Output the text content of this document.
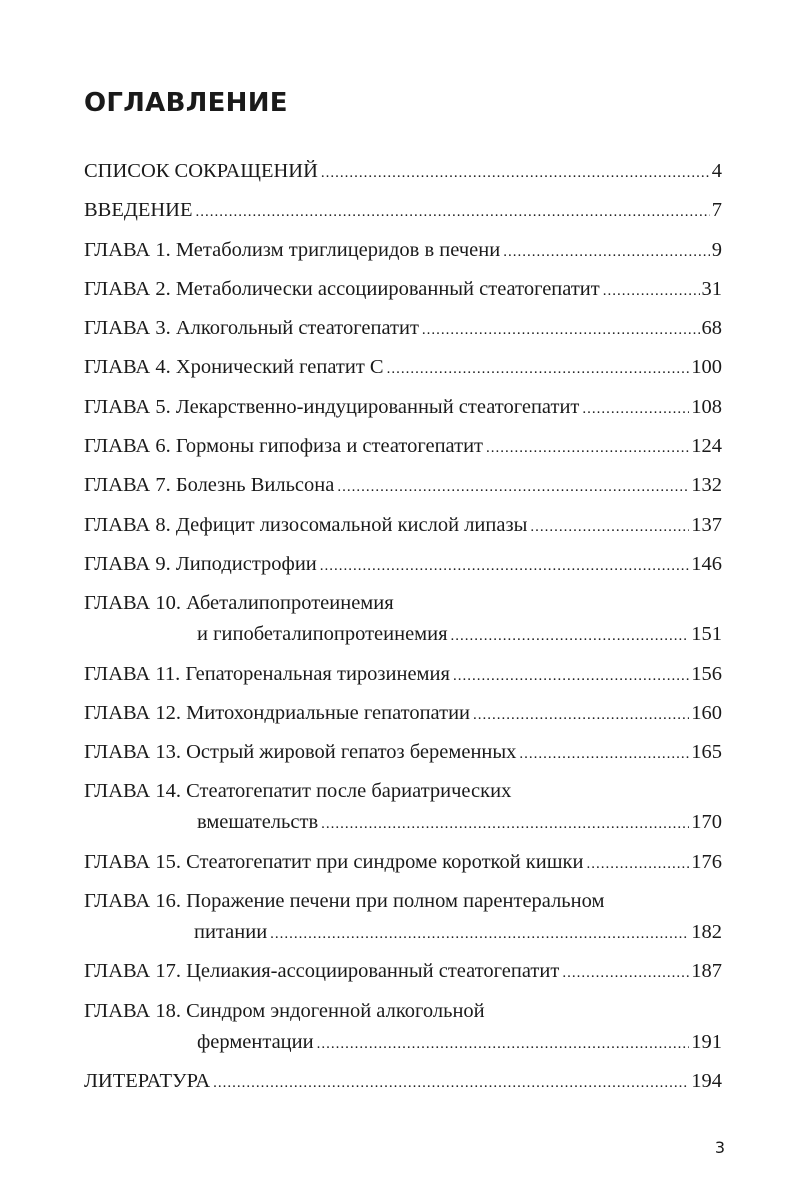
ОГЛАВЛЕНИЕ
СПИСОК СОКРАЩЕНИЙ .....	4
ВВЕДЕНИЕ .....	7
ГЛАВА 1. Метаболизм триглицеридов в печени .....	9
ГЛАВА 2. Метаболически ассоциированный стеатогепатит .....	31
ГЛАВА 3. Алкогольный стеатогепатит .....	68
ГЛАВА 4. Хронический гепатит С .....	100
ГЛАВА 5. Лекарственно-индуцированный стеатогепатит .....	108
ГЛАВА 6. Гормоны гипофиза и стеатогепатит .....	124
ГЛАВА 7. Болезнь Вильсона .....	132
ГЛАВА 8. Дефицит лизосомальной кислой липазы .....	137
ГЛАВА 9. Липодистрофии .....	146
ГЛАВА 10. Абеталипопротеинемия
и гипобеталипопротеинемия .....	151
ГЛАВА 11. Гепаторенальная тирозинемия .....	156
ГЛАВА 12. Митохондриальные гепатопатии .....	160
ГЛАВА 13. Острый жировой гепатоз беременных .....	165
ГЛАВА 14. Стеатогепатит после бариатрических
вмешательств .....	170
ГЛАВА 15. Стеатогепатит при синдроме короткой кишки .....	176
ГЛАВА 16. Поражение печени при полном парентеральном
питании .....	182
ГЛАВА 17. Целиакия-ассоциированный стеатогепатит .....	187
ГЛАВА 18. Синдром эндогенной алкогольной
ферментации .....	191
ЛИТЕРАТУРА .....	194
3
